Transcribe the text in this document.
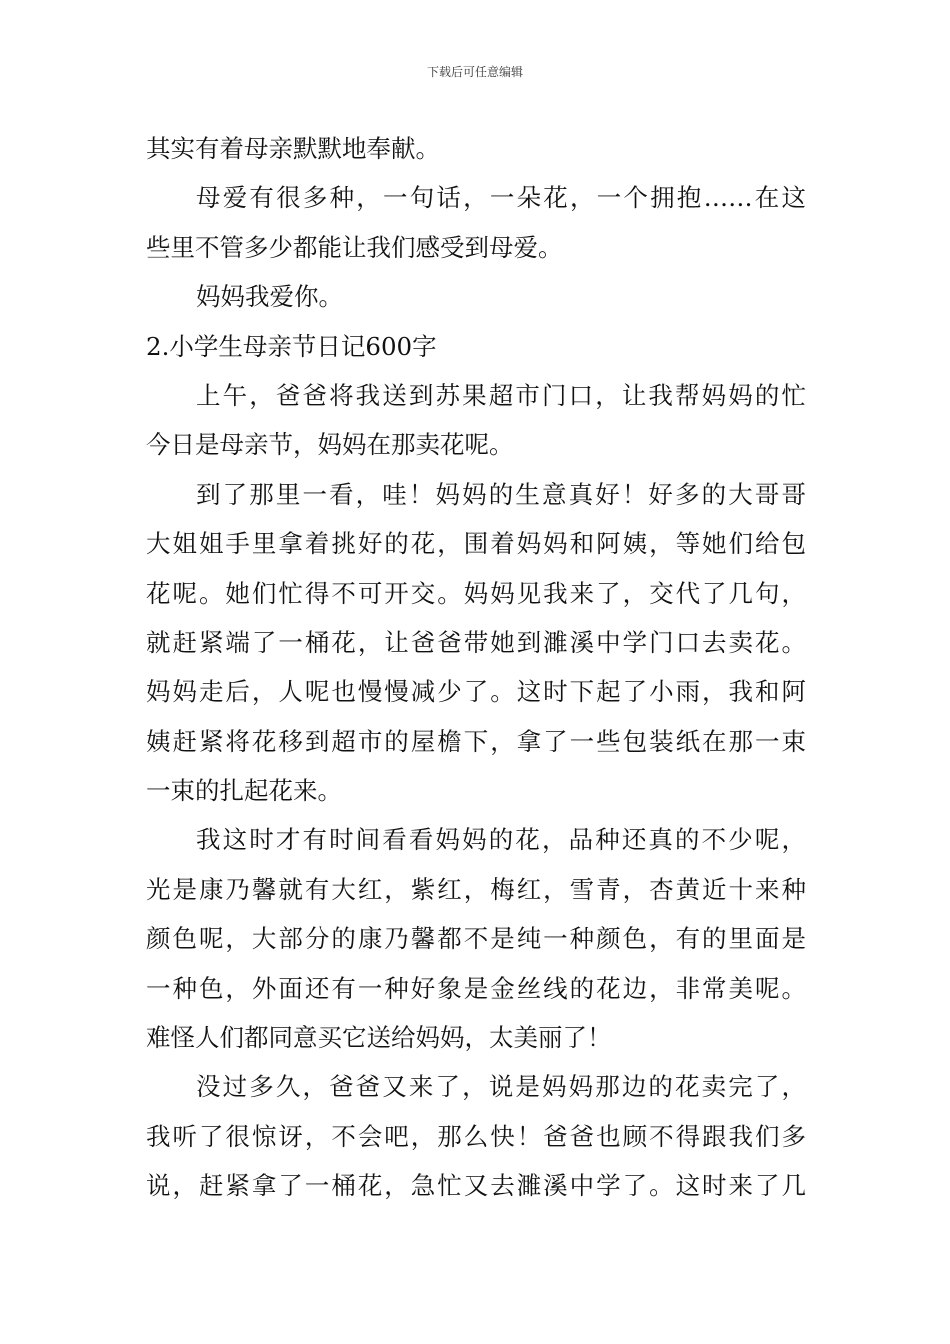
下载后可任意编辑
其实有着母亲默默地奉献。
母爱有很多种，一句话，一朵花，一个拥抱……在这
些里不管多少都能让我们感受到母爱。
妈妈我爱你。
2.小学生母亲节日记600字
上午，爸爸将我送到苏果超市门口，让我帮妈妈的忙
今日是母亲节，妈妈在那卖花呢。
到了那里一看，哇！妈妈的生意真好！好多的大哥哥
大姐姐手里拿着挑好的花，围着妈妈和阿姨，等她们给包
花呢。她们忙得不可开交。妈妈见我来了，交代了几句，
就赶紧端了一桶花，让爸爸带她到濉溪中学门口去卖花。
妈妈走后，人呢也慢慢减少了。这时下起了小雨，我和阿
姨赶紧将花移到超市的屋檐下，拿了一些包装纸在那一束
一束的扎起花来。
我这时才有时间看看妈妈的花，品种还真的不少呢，
光是康乃馨就有大红，紫红，梅红，雪青，杏黄近十来种
颜色呢，大部分的康乃馨都不是纯一种颜色，有的里面是
一种色，外面还有一种好象是金丝线的花边，非常美呢。
难怪人们都同意买它送给妈妈，太美丽了！
没过多久，爸爸又来了，说是妈妈那边的花卖完了，
我听了很惊讶，不会吧，那么快！爸爸也顾不得跟我们多
说，赶紧拿了一桶花，急忙又去濉溪中学了。这时来了几
